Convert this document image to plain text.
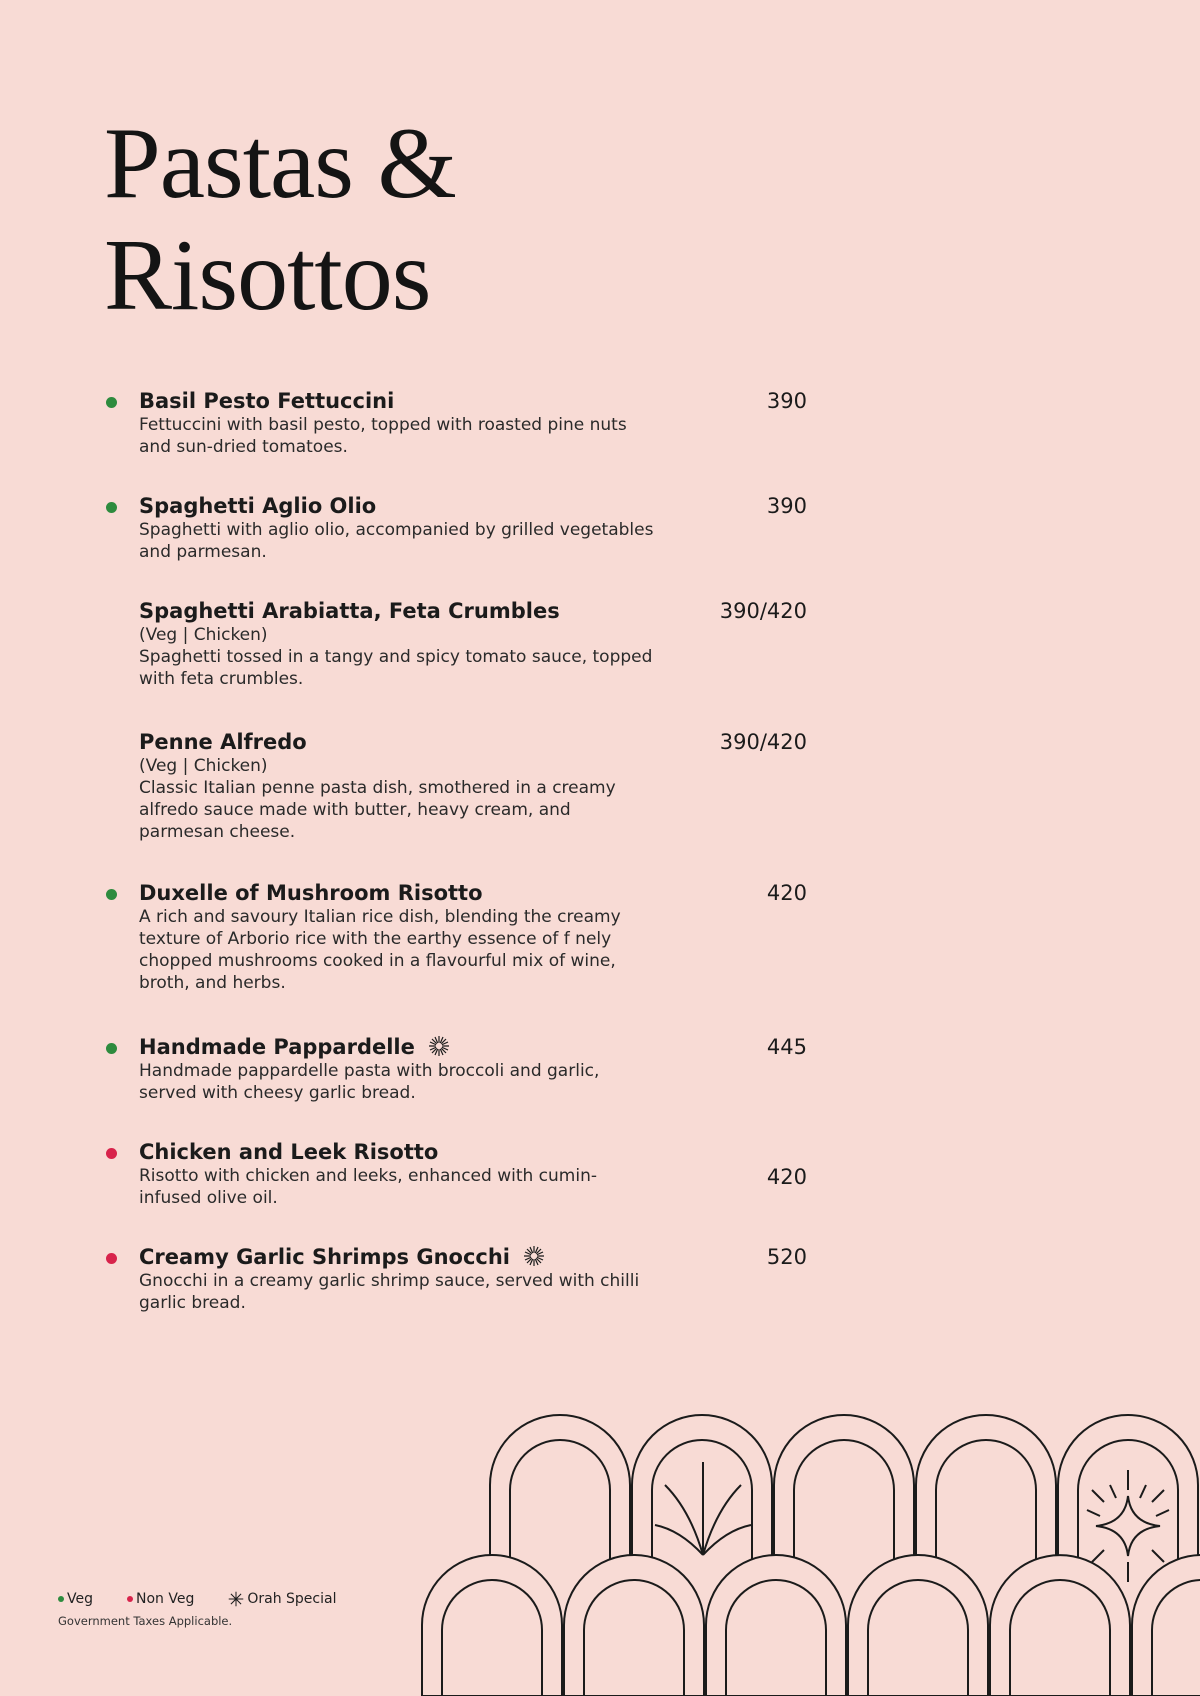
Pastas &
Risottos
Basil Pesto Fettuccini
Fettuccini with basil pesto, topped with roasted pine nuts and sun-dried tomatoes.
390
Spaghetti Aglio Olio
Spaghetti with aglio olio, accompanied by grilled vegetables and parmesan.
390
Spaghetti Arabiatta, Feta Crumbles
(Veg | Chicken)
Spaghetti tossed in a tangy and spicy tomato sauce, topped with feta crumbles.
390/420
Penne Alfredo
(Veg | Chicken)
Classic Italian penne pasta dish, smothered in a creamy alfredo sauce made with butter, heavy cream, and parmesan cheese.
390/420
Duxelle of Mushroom Risotto
A rich and savoury Italian rice dish, blending the creamy texture of Arborio rice with the earthy essence of f nely chopped mushrooms cooked in a flavourful mix of wine, broth, and herbs.
420
Handmade Pappardelle
Handmade pappardelle pasta with broccoli and garlic, served with cheesy garlic bread.
445
Chicken and Leek Risotto
Risotto with chicken and leeks, enhanced with cumin-infused olive oil.
420
Creamy Garlic Shrimps Gnocchi
Gnocchi in a creamy garlic shrimp sauce, served with chilli garlic bread.
520
Veg	Non Veg	Orah Special
Government Taxes Applicable.
